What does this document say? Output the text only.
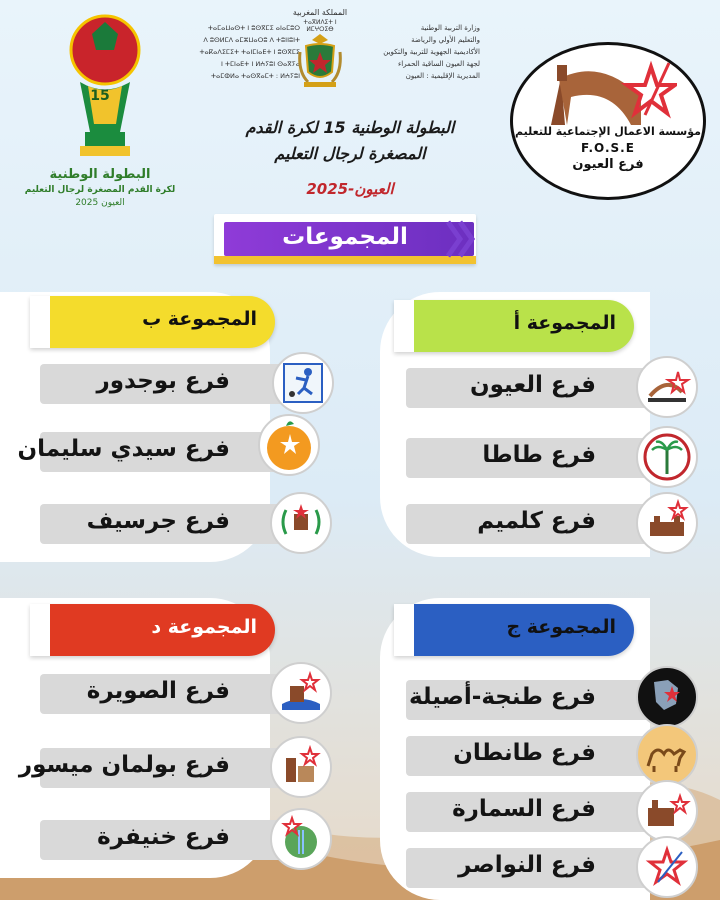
15
البطولة الوطنية
لكرة القدم المصغرة لرجال التعليم
العيون 2025
ⵜⴰⵎⴰⵡⴰⵙⵜ ⵏ ⵓⵙⴳⵎⵉ ⴰⵏⴰⵎⵓⵔ
ⴷ ⵓⵙⵍⵎⴷ ⴰⵎⵣⵡⴰⵔⵓ ⴷ ⵜⵓⵏⵏⵓⵏⵜ
ⵜⴰⴽⴰⴷⵉⵎⵉⵜ ⵜⴰⵏⵎⵏⴰⴹⵜ ⵏ ⵓⵙⴳⵎⵉ
ⵏ ⵜⵎⵏⴰⴹⵜ ⵏ ⵍⵄⵢⵓⵏ ⵙⴰⴳⵢⴰ
ⵜⴰⵎⵀⵍⴰ ⵜⴰⵙⴳⴰⵎⵜ : ⵍⵄⵢⵓⵏ
المملكة المغربية
ⵜⴰⴳⵍⴷⵉⵜ ⵏ ⵍⵎⵖⵔⵉⴱ	وزارة التربية الوطنية
والتعليم الأولي والرياضة
الأكاديمية الجهوية للتربية والتكوين
لجهة العيون الساقية الحمراء
المديرية الإقليمية : العيون
مؤسسة الاعمال الإجتماعية للتعليم
F.O.S.E
فرع العيون
البطولة الوطنية 15 لكرة القدم
المصغرة لرجال التعليم
العيون-2025
المجموعات
المجموعة أ
فرع العيون
فرع طاطا
فرع كلميم
المجموعة ب
فرع بوجدور
فرع سيدي سليمان
فرع جرسيف
المجموعة ج
فرع طنجة-أصيلة
فرع طانطان
فرع السمارة
فرع النواصر
المجموعة د
فرع الصويرة
فرع بولمان ميسور
فرع خنيفرة
